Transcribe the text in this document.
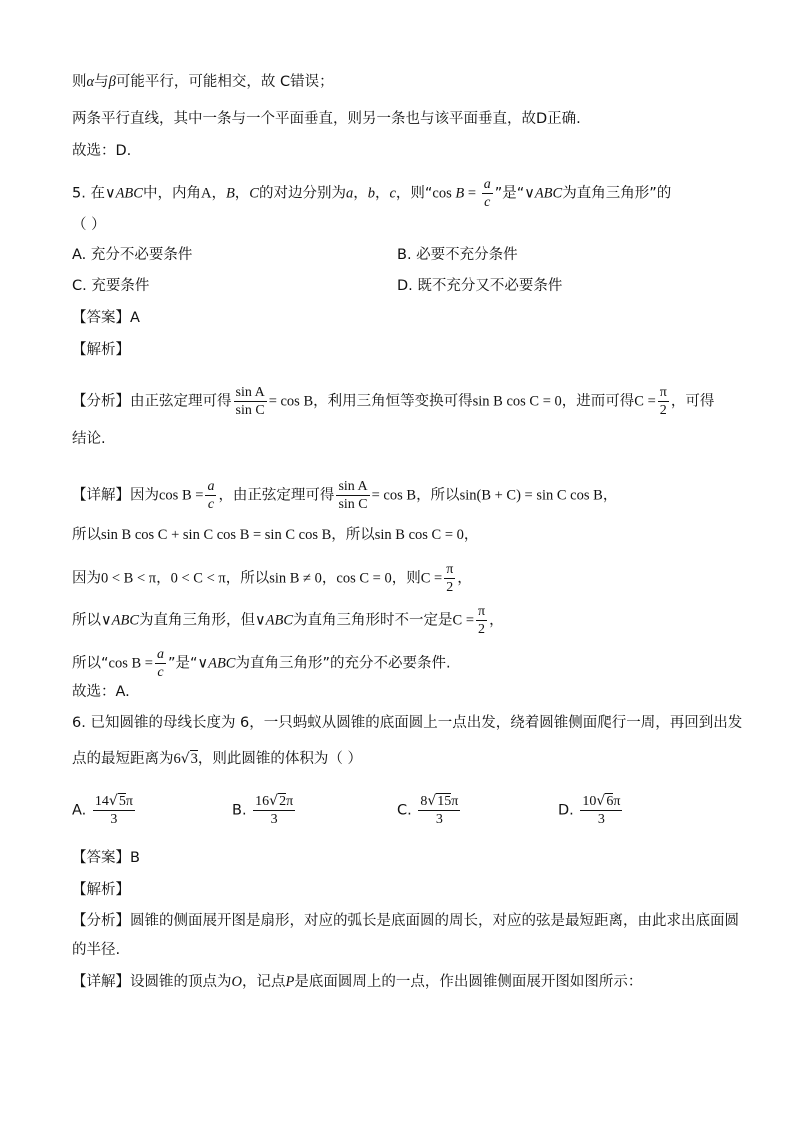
则α与β可能平行，可能相交，故 C错误；
两条平行直线，其中一条与一个平面垂直，则另一条也与该平面垂直，故D正确.
故选：D.
5. 在∨ABC中，内角A，B，C的对边分别为a，b，c，则“cos $B = \frac{a}{c}$ ”是“∨ABC为直角三角形”的
（ ）
A. 充分不必要条件	B. 必要不充分条件
C. 充要条件	D. 既不充分又不必要条件
【答案】A
【解析】
【分析】由正弦定理可得 $\frac{\text{sin A}}{\text{sin C}} = \cos B$，利用三角恒等变换可得sin B cos C = 0，进而可得$C = \frac{\pi}{2}$ ，可得
结论.
【详解】因为$\cos B = \frac{a}{c}$ ，由正弦定理可得 $\frac{\text{sin A}}{\text{sin C}} = \cos B$，所以sin(B + C) = sin C cos B，
所以sin B cos C + sin C cos B = sin C cos B，所以sin B cos C = 0，
因为0 < B < π，0 < C < π，所以sin B ≠ 0，cos C = 0，则$C = \frac{\pi}{2}$ ，
所以∨ABC为直角三角形，但∨ABC为直角三角形时不一定是$C = \frac{\pi}{2}$ ，
所以“cos $B = \frac{a}{c}$ ”是“∨ABC为直角三角形”的充分不必要条件.
故选：A.
6. 已知圆锥的母线长度为 6，一只蚂蚁从圆锥的底面圆上一点出发，绕着圆锥侧面爬行一周，再回到出发
点的最短距离为6√3，则此圆锥的体积为（ ）
A. $\frac{14√5\pi}{3}$	B. $\frac{16√2\pi}{3}$	C. $\frac{8√15\pi}{3}$	D. $\frac{10√6\pi}{3}$
【答案】B
【解析】
【分析】圆锥的侧面展开图是扇形，对应的弧长是底面圆的周长，对应的弦是最短距离，由此求出底面圆
的半径.
【详解】设圆锥的顶点为O，记点P是底面圆周上的一点，作出圆锥侧面展开图如图所示：
